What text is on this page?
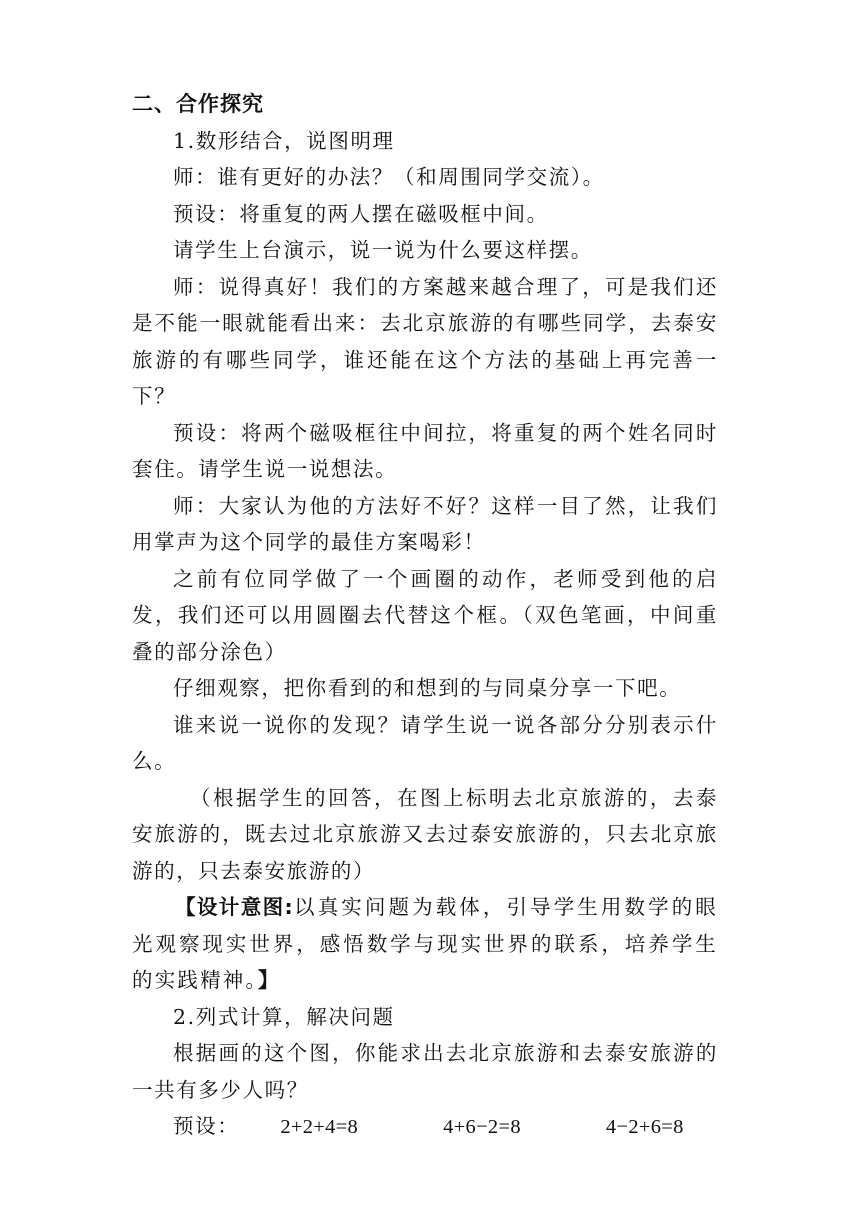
二、合作探究

1.数形结合，说图明理

师：谁有更好的办法？（和周围同学交流）。

预设：将重复的两人摆在磁吸框中间。

请学生上台演示，说一说为什么要这样摆。

师：说得真好！我们的方案越来越合理了，可是我们还是不能一眼就能看出来：去北京旅游的有哪些同学，去泰安旅游的有哪些同学，谁还能在这个方法的基础上再完善一下？

预设：将两个磁吸框往中间拉，将重复的两个姓名同时套住。请学生说一说想法。

师：大家认为他的方法好不好？这样一目了然，让我们用掌声为这个同学的最佳方案喝彩！

之前有位同学做了一个画圈的动作，老师受到他的启发，我们还可以用圆圈去代替这个框。（双色笔画，中间重叠的部分涂色）

仔细观察，把你看到的和想到的与同桌分享一下吧。

谁来说一说你的发现？请学生说一说各部分分别表示什么。

（根据学生的回答，在图上标明去北京旅游的，去泰安旅游的，既去过北京旅游又去过泰安旅游的，只去北京旅游的，只去泰安旅游的）

【设计意图:以真实问题为载体，引导学生用数学的眼光观察现实世界，感悟数学与现实世界的联系，培养学生的实践精神。】

2.列式计算，解决问题

根据画的这个图，你能求出去北京旅游和去泰安旅游的一共有多少人吗？

预设： 2+2+4=8	4+6−2=8	4−2+6=8
